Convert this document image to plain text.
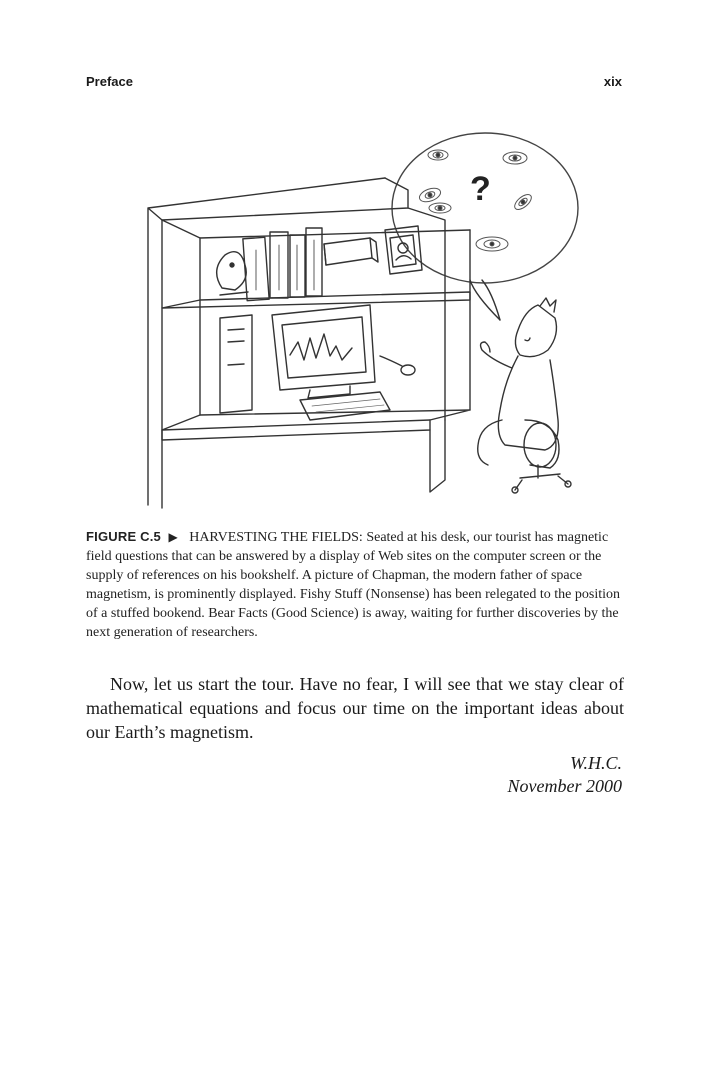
Preface	xix
?
FIGURE C.5 ▶ HARVESTING THE FIELDS: Seated at his desk, our tourist has magnetic field questions that can be answered by a display of Web sites on the computer screen or the supply of references on his bookshelf. A picture of Chapman, the modern father of space magnetism, is prominently displayed. Fishy Stuff (Nonsense) has been relegated to the position of a stuffed bookend. Bear Facts (Good Science) is away, waiting for further discoveries by the next generation of researchers.

Now, let us start the tour. Have no fear, I will see that we stay clear of mathematical equations and focus our time on the important ideas about our Earth’s magnetism.

W.H.C.
November 2000
